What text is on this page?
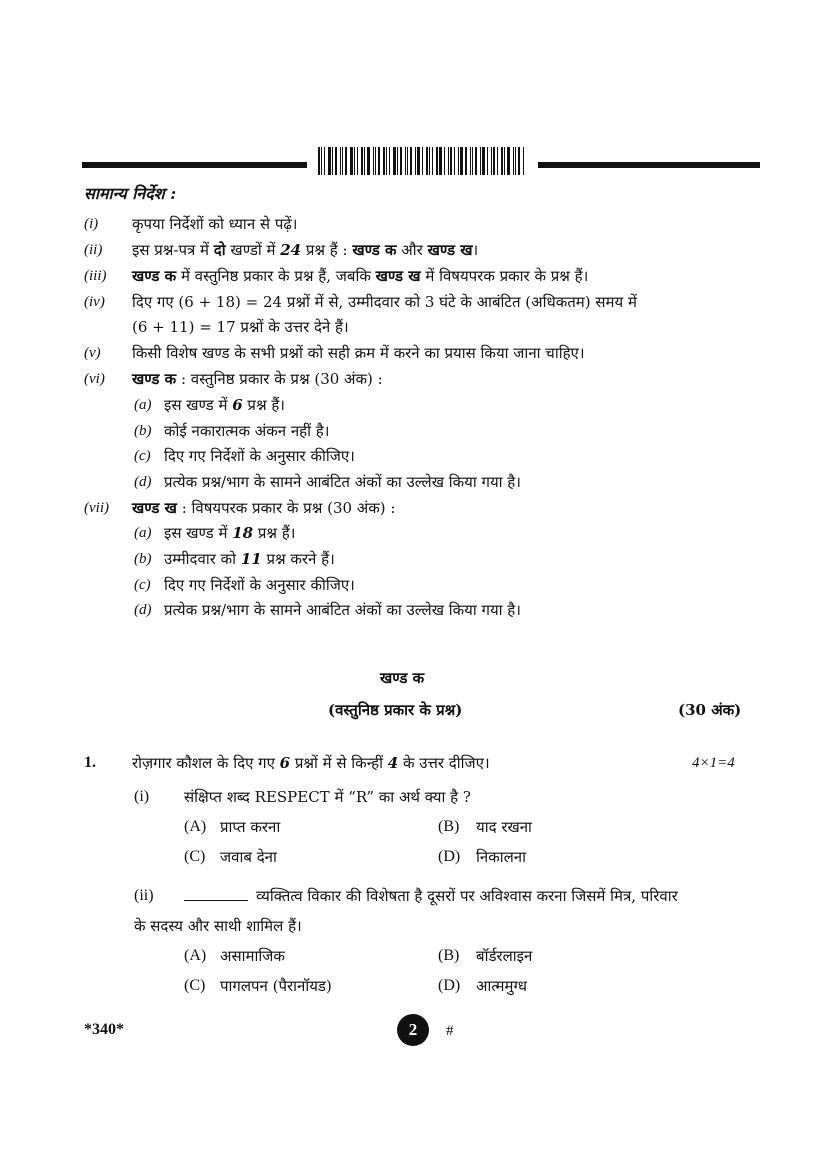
सामान्य निर्देश :
(i) कृपया निर्देशों को ध्यान से पढ़ें।
(ii) इस प्रश्न-पत्र में दो खण्डों में 24 प्रश्न हैं : खण्ड क और खण्ड ख।
(iii) खण्ड क में वस्तुनिष्ठ प्रकार के प्रश्न हैं, जबकि खण्ड ख में विषयपरक प्रकार के प्रश्न हैं।
(iv) दिए गए (6 + 18) = 24 प्रश्नों में से, उम्मीदवार को 3 घंटे के आबंटित (अधिकतम) समय में
(6 + 11) = 17 प्रश्नों के उत्तर देने हैं।
(v) किसी विशेष खण्ड के सभी प्रश्नों को सही क्रम में करने का प्रयास किया जाना चाहिए।
(vi) खण्ड क : वस्तुनिष्ठ प्रकार के प्रश्न (30 अंक) :
(a) इस खण्ड में 6 प्रश्न हैं।
(b) कोई नकारात्मक अंकन नहीं है।
(c) दिए गए निर्देशों के अनुसार कीजिए।
(d) प्रत्येक प्रश्न/भाग के सामने आबंटित अंकों का उल्लेख किया गया है।
(vii) खण्ड ख : विषयपरक प्रकार के प्रश्न (30 अंक) :
(a) इस खण्ड में 18 प्रश्न हैं।
(b) उम्मीदवार को 11 प्रश्न करने हैं।
(c) दिए गए निर्देशों के अनुसार कीजिए।
(d) प्रत्येक प्रश्न/भाग के सामने आबंटित अंकों का उल्लेख किया गया है।
खण्ड क
(वस्तुनिष्ठ प्रकार के प्रश्न)	(30 अंक)
1. रोज़गार कौशल के दिए गए 6 प्रश्नों में से किन्हीं 4 के उत्तर दीजिए।	4×1=4
(i) संक्षिप्त शब्द RESPECT में “R” का अर्थ क्या है ?
(A) प्राप्त करना	(B) याद रखना
(C) जवाब देना	(D) निकालना
(ii)	व्यक्तित्व विकार की विशेषता है दूसरों पर अविश्वास करना जिसमें मित्र, परिवार
के सदस्य और साथी शामिल हैं।
(A) असामाजिक	(B) बॉर्डरलाइन
(C) पागलपन (पैरानॉयड)	(D) आत्ममुग्ध
*340*	2	#
